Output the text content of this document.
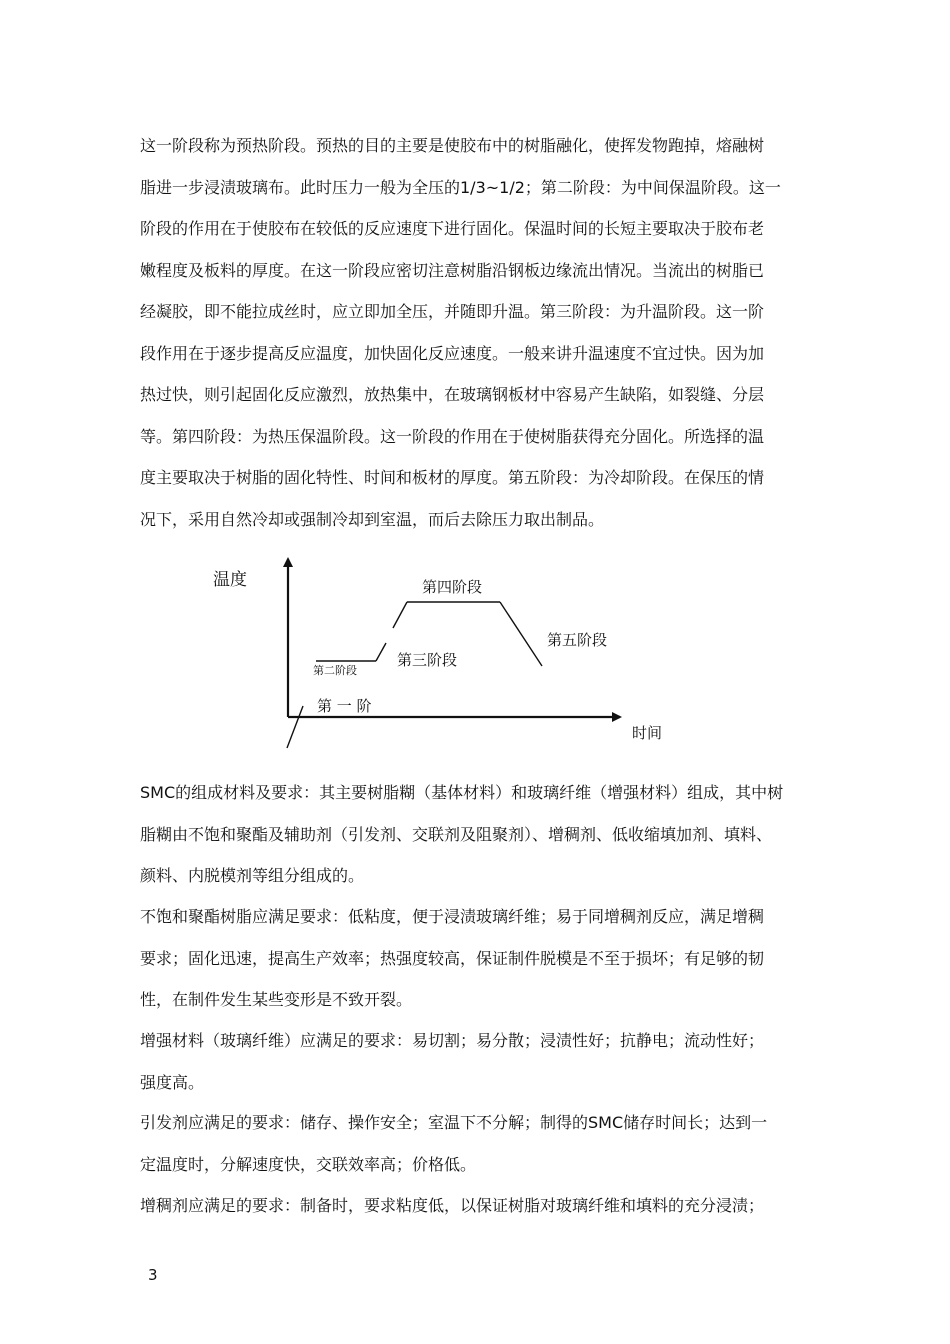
这一阶段称为预热阶段。预热的目的主要是使胶布中的树脂融化，使挥发物跑掉，熔融树
脂进一步浸渍玻璃布。此时压力一般为全压的1/3~1/2；第二阶段：为中间保温阶段。这一
阶段的作用在于使胶布在较低的反应速度下进行固化。保温时间的长短主要取决于胶布老
嫩程度及板料的厚度。在这一阶段应密切注意树脂沿钢板边缘流出情况。当流出的树脂已
经凝胶，即不能拉成丝时，应立即加全压，并随即升温。第三阶段：为升温阶段。这一阶
段作用在于逐步提高反应温度，加快固化反应速度。一般来讲升温速度不宜过快。因为加
热过快，则引起固化反应激烈，放热集中，在玻璃钢板材中容易产生缺陷，如裂缝、分层
等。第四阶段：为热压保温阶段。这一阶段的作用在于使树脂获得充分固化。所选择的温
度主要取决于树脂的固化特性、时间和板材的厚度。第五阶段：为冷却阶段。在保压的情
况下，采用自然冷却或强制冷却到室温，而后去除压力取出制品。
温度
时间
第 一 阶
第二阶段
第三阶段
第四阶段
第五阶段
SMC的组成材料及要求：其主要树脂糊（基体材料）和玻璃纤维（增强材料）组成，其中树
脂糊由不饱和聚酯及辅助剂（引发剂、交联剂及阻聚剂）、增稠剂、低收缩填加剂、填料、
颜料、内脱模剂等组分组成的。
不饱和聚酯树脂应满足要求：低粘度，便于浸渍玻璃纤维；易于同增稠剂反应，满足增稠
要求；固化迅速，提高生产效率；热强度较高，保证制件脱模是不至于损坏；有足够的韧
性，在制件发生某些变形是不致开裂。
增强材料（玻璃纤维）应满足的要求：易切割；易分散；浸渍性好；抗静电；流动性好；
强度高。
引发剂应满足的要求：储存、操作安全；室温下不分解；制得的SMC储存时间长；达到一
定温度时，分解速度快，交联效率高；价格低。
增稠剂应满足的要求：制备时，要求粘度低，以保证树脂对玻璃纤维和填料的充分浸渍；
3
